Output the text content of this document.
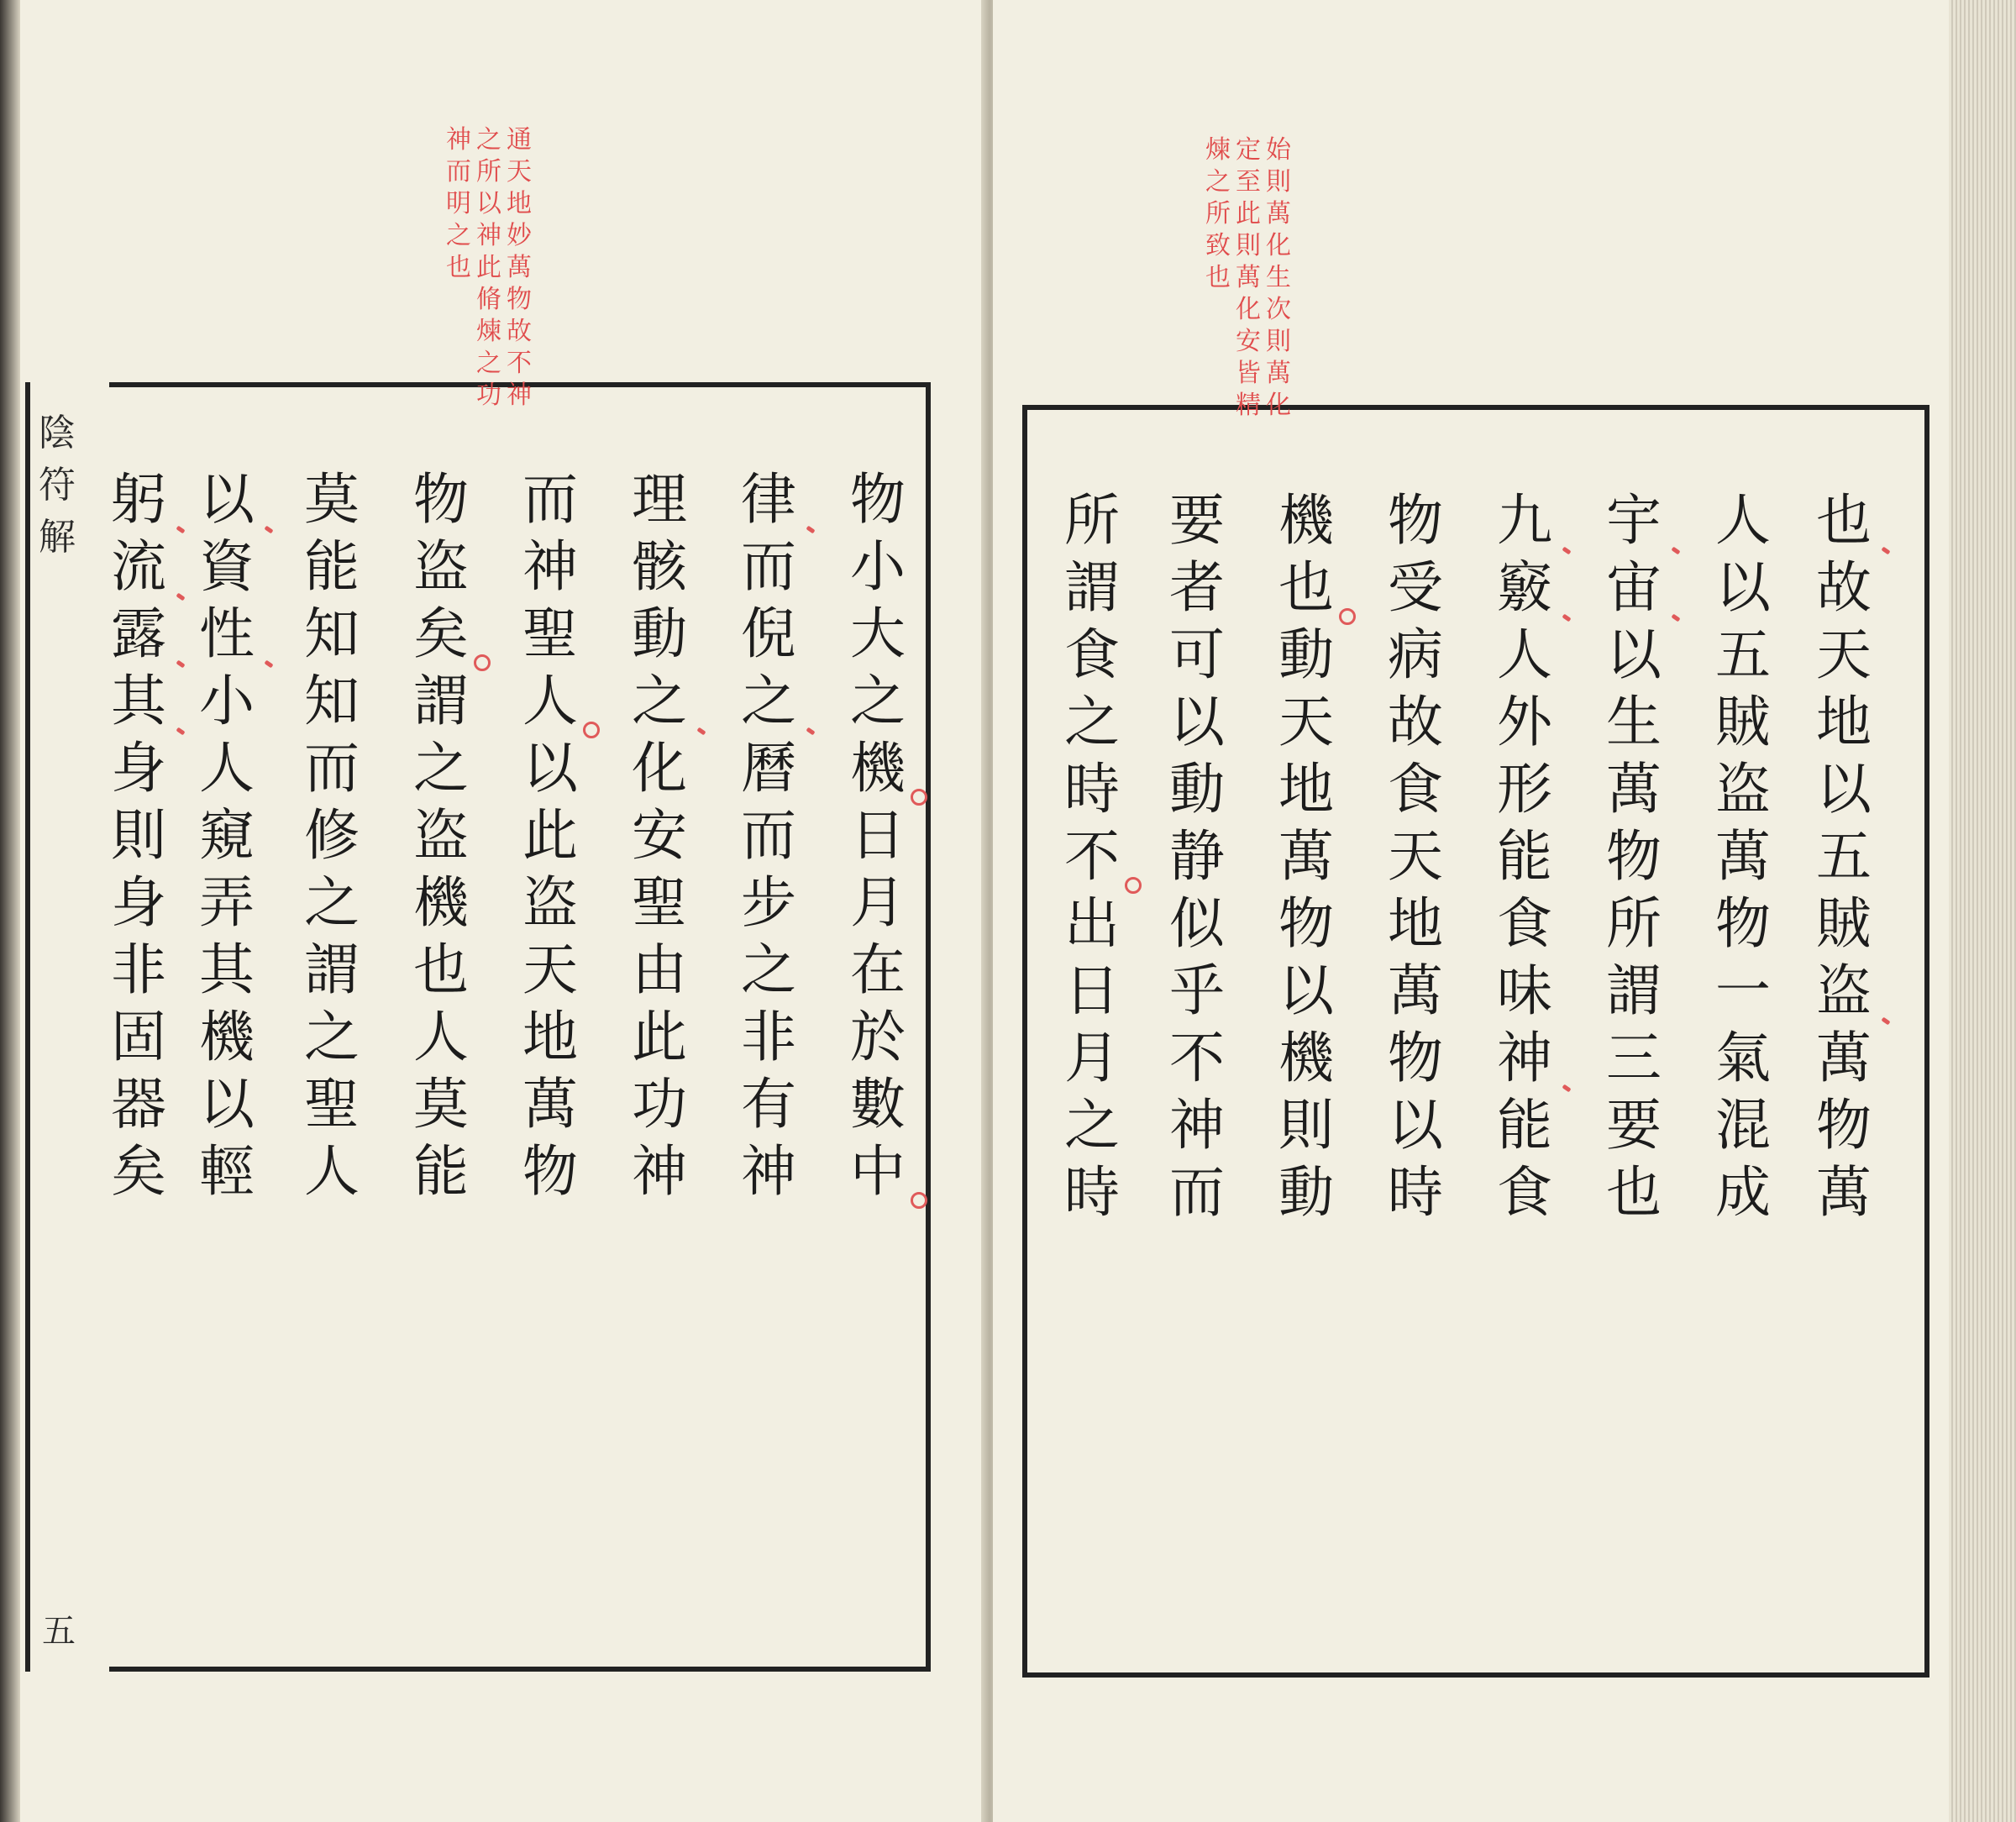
陰
符
解
五
通
天
地
妙
萬
物
故
不
神
之
所
以
神
此
脩
煉
之
功
神
而
明
之
也
物
小
大
之
機
日
月
在
於
數
中
律
而
倪
之
曆
而
步
之
非
有
神
理
骸
動
之
化
安
聖
由
此
功
神
而
神
聖
人
以
此
盗
天
地
萬
物
物
盗
矣
謂
之
盗
機
也
人
莫
能
莫
能
知
知
而
修
之
謂
之
聖
人
以
資
性
小
人
窺
弄
其
機
以
輕
躬
流
露
其
身
則
身
非
固
器
矣
始
則
萬
化
生
次
則
萬
化
定
至
此
則
萬
化
安
皆
精
煉
之
所
致
也
也
故
天
地
以
五
賊
盗
萬
物
萬
人
以
五
賊
盗
萬
物
一
氣
混
成
宇
宙
以
生
萬
物
所
謂
三
要
也
九
竅
人
外
形
能
食
味
神
能
食
物
受
病
故
食
天
地
萬
物
以
時
機
也
動
天
地
萬
物
以
機
則
動
要
者
可
以
動
静
似
乎
不
神
而
所
謂
食
之
時
不
出
日
月
之
時
